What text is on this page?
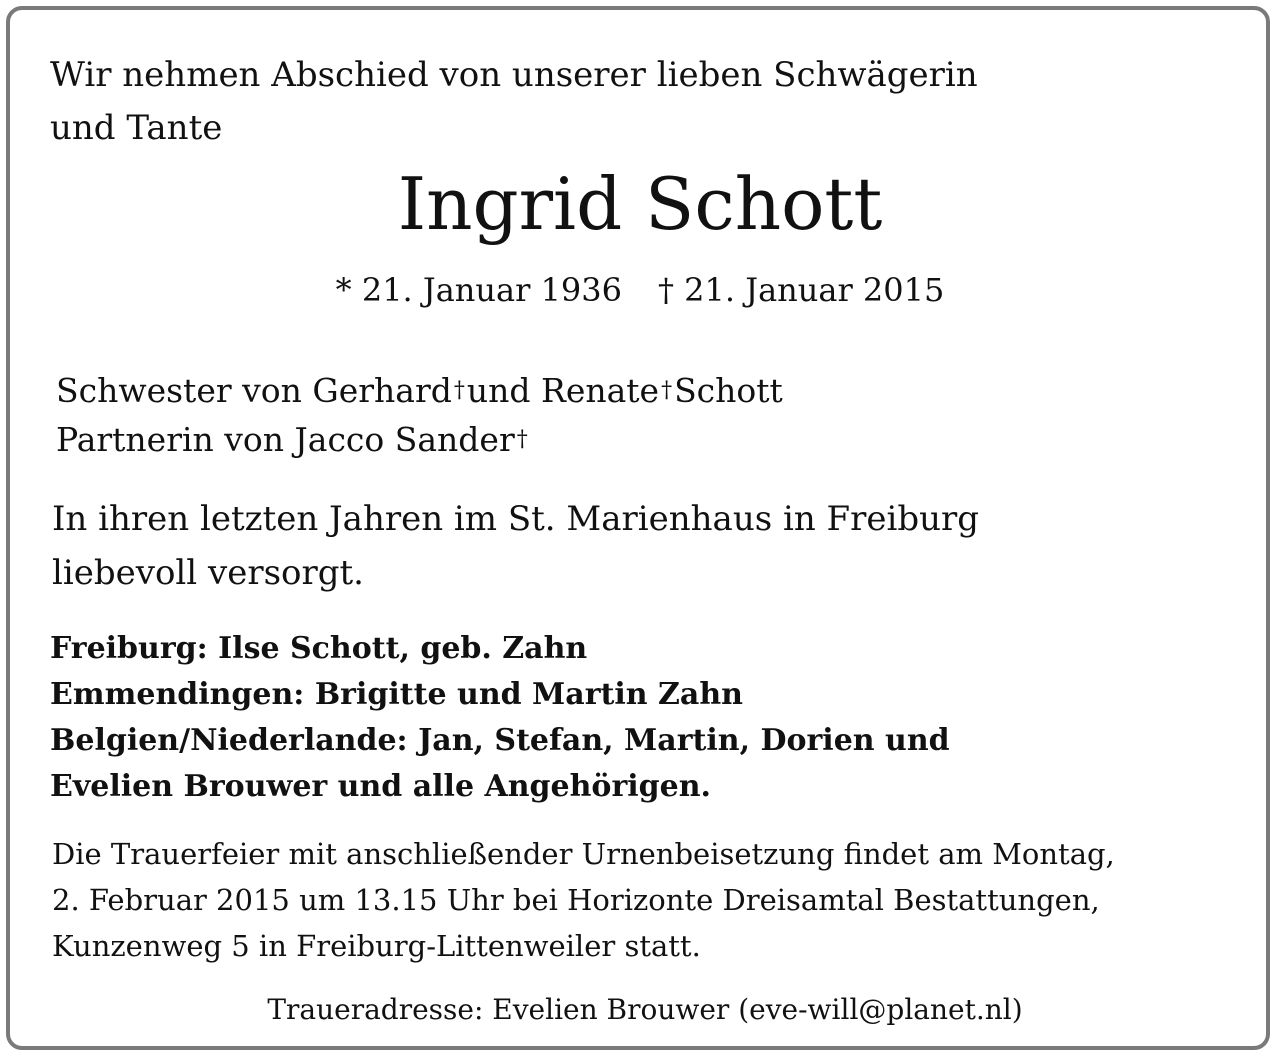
Wir nehmen Abschied von unserer lieben Schwägerin
und Tante
Ingrid Schott
* 21. Januar 1936 † 21. Januar 2015
Schwester von Gerhard†und Renate†Schott
Partnerin von Jacco Sander†
In ihren letzten Jahren im St. Marienhaus in Freiburg
liebevoll versorgt.
Freiburg: Ilse Schott, geb. Zahn
Emmendingen: Brigitte und Martin Zahn
Belgien/Niederlande: Jan, Stefan, Martin, Dorien und
Evelien Brouwer und alle Angehörigen.
Die Trauerfeier mit anschließender Urnenbeisetzung findet am Montag,
2. Februar 2015 um 13.15 Uhr bei Horizonte Dreisamtal Bestattungen,
Kunzenweg 5 in Freiburg-Littenweiler statt.
Traueradresse: Evelien Brouwer (eve-will@planet.nl)
